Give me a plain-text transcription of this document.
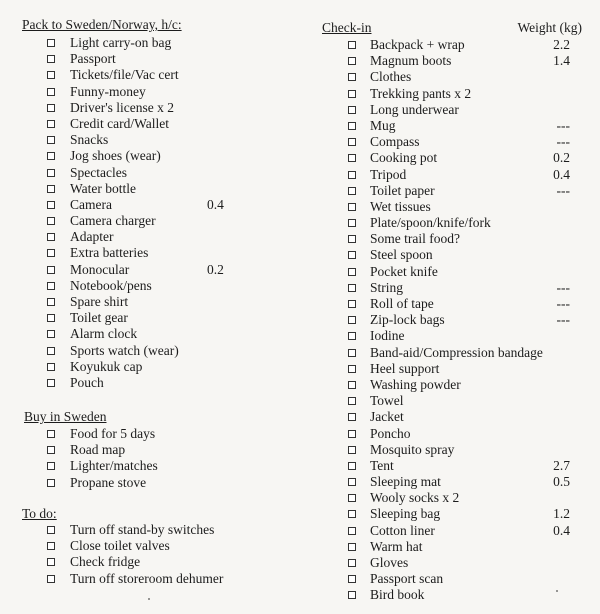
Pack to Sweden/Norway, h/c:
Light carry-on bag
Passport
Tickets/file/Vac cert
Funny-money
Driver's license x 2
Credit card/Wallet
Snacks
Jog shoes (wear)
Spectacles
Water bottle
Camera	0.4
Camera charger
Adapter
Extra batteries
Monocular	0.2
Notebook/pens
Spare shirt
Toilet gear
Alarm clock
Sports watch (wear)
Koyukuk cap
Pouch
Buy in Sweden
Food for 5 days
Road map
Lighter/matches
Propane stove
To do:
Turn off stand-by switches
Close toilet valves
Check fridge
Turn off storeroom dehumer
Check-in	Weight (kg)
Backpack + wrap	2.2
Magnum boots	1.4
Clothes
Trekking pants x 2
Long underwear
Mug	---
Compass	---
Cooking pot	0.2
Tripod	0.4
Toilet paper	---
Wet tissues
Plate/spoon/knife/fork
Some trail food?
Steel spoon
Pocket knife
String	---
Roll of tape	---
Zip-lock bags	---
Iodine
Band-aid/Compression bandage
Heel support
Washing powder
Towel
Jacket
Poncho
Mosquito spray
Tent	2.7
Sleeping mat	0.5
Wooly socks x 2
Sleeping bag	1.2
Cotton liner	0.4
Warm hat
Gloves
Passport scan
Bird book
